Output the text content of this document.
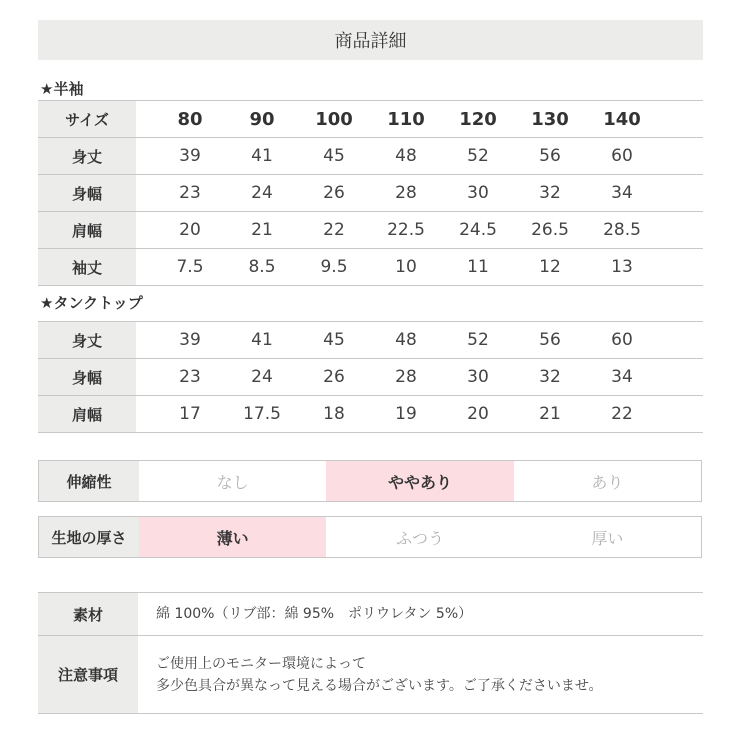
商品詳細
★半袖
サイズ		80	90	100	110	120	130	140	
身丈		39	41	45	48	52	56	60	
身幅		23	24	26	28	30	32	34	
肩幅		20	21	22	22.5	24.5	26.5	28.5	
袖丈		7.5	8.5	9.5	10	11	12	13	
★タンクトップ
身丈		39	41	45	48	52	56	60	
身幅		23	24	26	28	30	32	34	
肩幅		17	17.5	18	19	20	21	22	
伸縮性	なし	ややあり	あり
生地の厚さ	薄い	ふつう	厚い
素材	綿 100%（リブ部：綿 95%　ポリウレタン 5%）
注意事項	ご使用上のモニター環境によって
多少色具合が異なって見える場合がございます。ご了承くださいませ。
